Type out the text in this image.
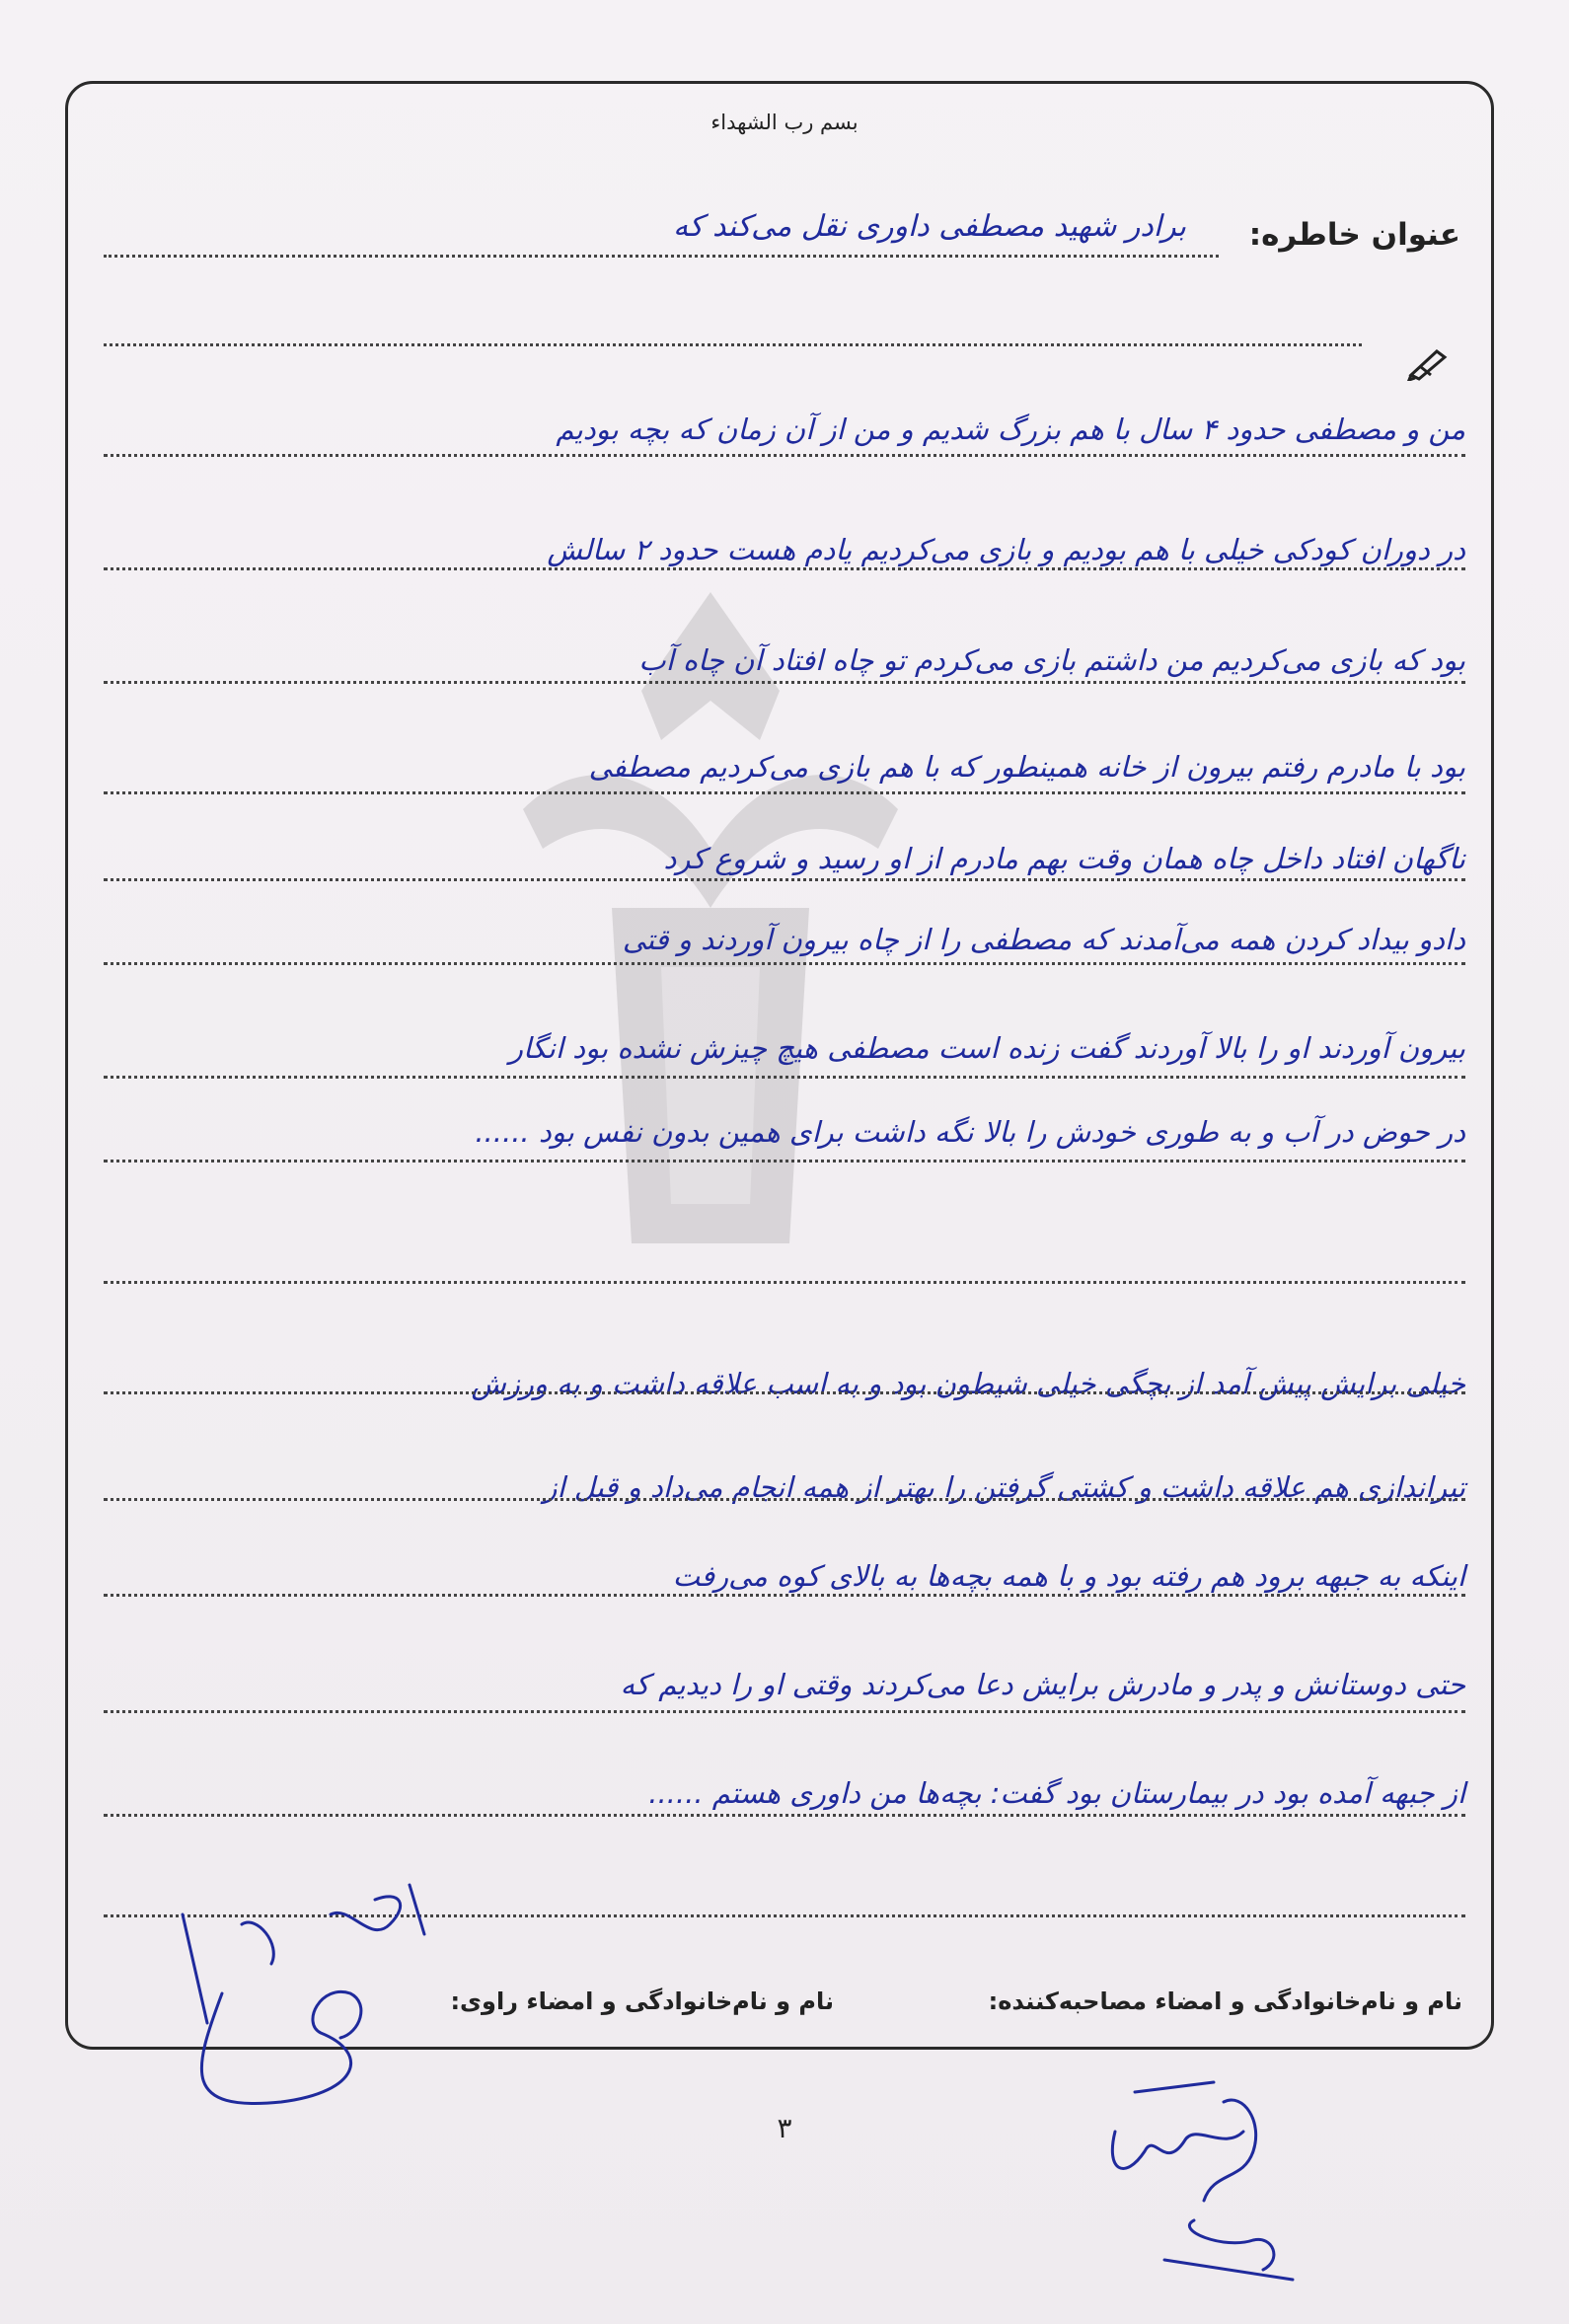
بسم رب الشهداء
عنوان خاطره:
برادر شهید مصطفی داوری نقل می‌کند که
من و مصطفی حدود ۴ سال با هم بزرگ شدیم و من از آن زمان که بچه بودیم
در دوران کودکی خیلی با هم بودیم و بازی می‌کردیم یادم هست حدود ۲ سالش
بود که بازی می‌کردیم من داشتم بازی می‌کردم تو چاه افتاد آن چاه آب
بود با مادرم رفتم بیرون از خانه همینطور که با هم بازی می‌کردیم مصطفی
ناگهان افتاد داخل چاه همان وقت بهم مادرم از او رسید و شروع کرد
دادو بیداد کردن همه می‌آمدند که مصطفی را از چاه بیرون آوردند و قتی
بیرون آوردند او را بالا آوردند گفت زنده است مصطفی هیچ چیزش نشده بود انگار
در حوض در آب و به طوری خودش را بالا نگه داشت برای همین بدون نفس بود ......
خیلی برایش پیش آمد از بچگی خیلی شیطون بود و به اسب علاقه داشت و به ورزش
تیراندازی هم علاقه داشت و کشتی گرفتن را بهتر از همه انجام می‌داد و قبل از
اینکه به جبهه برود هم رفته بود و با همه بچه‌ها به بالای کوه می‌رفت
حتی دوستانش و پدر و مادرش برایش دعا می‌کردند وقتی او را دیدیم که
از جبهه آمده بود در بیمارستان بود گفت: بچه‌ها من داوری هستم ......
نام و نام‌خانوادگی و امضاء مصاحبه‌کننده:
نام و نام‌خانوادگی و امضاء راوی:
۳
